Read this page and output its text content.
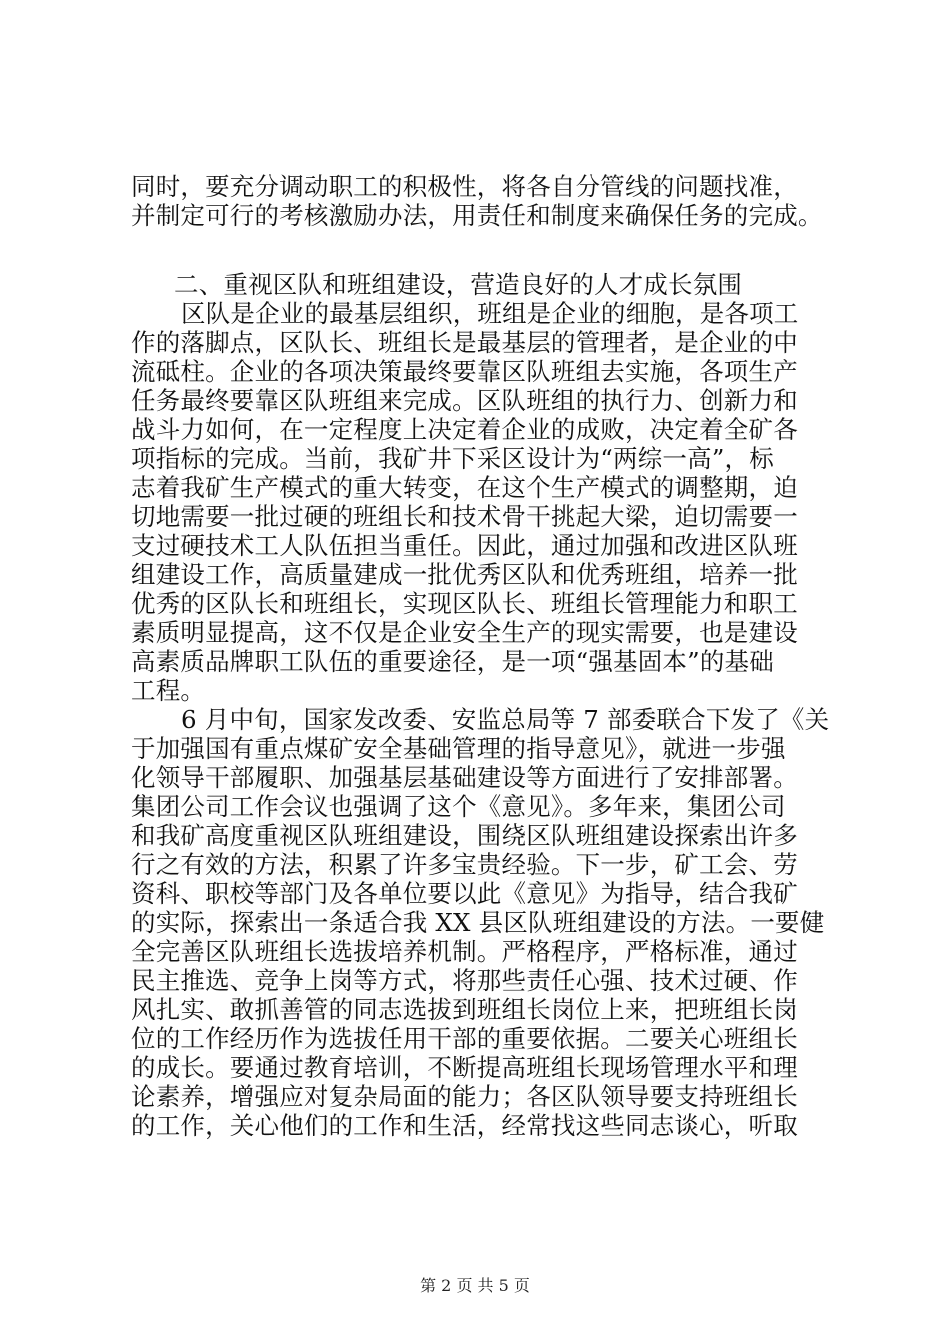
同时，要充分调动职工的积极性，将各自分管线的问题找准，
并制定可行的考核激励办法，用责任和制度来确保任务的完成。
二、重视区队和班组建设，营造良好的人才成长氛围
区队是企业的最基层组织，班组是企业的细胞，是各项工
作的落脚点，区队长、班组长是最基层的管理者，是企业的中
流砥柱。企业的各项决策最终要靠区队班组去实施，各项生产
任务最终要靠区队班组来完成。区队班组的执行力、创新力和
战斗力如何，在一定程度上决定着企业的成败，决定着全矿各
项指标的完成。当前，我矿井下采区设计为“两综一高”，标
志着我矿生产模式的重大转变，在这个生产模式的调整期，迫
切地需要一批过硬的班组长和技术骨干挑起大梁，迫切需要一
支过硬技术工人队伍担当重任。因此，通过加强和改进区队班
组建设工作，高质量建成一批优秀区队和优秀班组，培养一批
优秀的区队长和班组长，实现区队长、班组长管理能力和职工
素质明显提高，这不仅是企业安全生产的现实需要，也是建设
高素质品牌职工队伍的重要途径，是一项“强基固本”的基础
工程。
6 月中旬，国家发改委、安监总局等 7 部委联合下发了《关
于加强国有重点煤矿安全基础管理的指导意见》，就进一步强
化领导干部履职、加强基层基础建设等方面进行了安排部署。
集团公司工作会议也强调了这个《意见》。多年来，集团公司
和我矿高度重视区队班组建设，围绕区队班组建设探索出许多
行之有效的方法，积累了许多宝贵经验。下一步，矿工会、劳
资科、职校等部门及各单位要以此《意见》为指导，结合我矿
的实际，探索出一条适合我 XX 县区队班组建设的方法。一要健
全完善区队班组长选拔培养机制。严格程序，严格标准，通过
民主推选、竞争上岗等方式，将那些责任心强、技术过硬、作
风扎实、敢抓善管的同志选拔到班组长岗位上来，把班组长岗
位的工作经历作为选拔任用干部的重要依据。二要关心班组长
的成长。要通过教育培训，不断提高班组长现场管理水平和理
论素养，增强应对复杂局面的能力；各区队领导要支持班组长
的工作，关心他们的工作和生活，经常找这些同志谈心，听取
第 2 页 共 5 页
